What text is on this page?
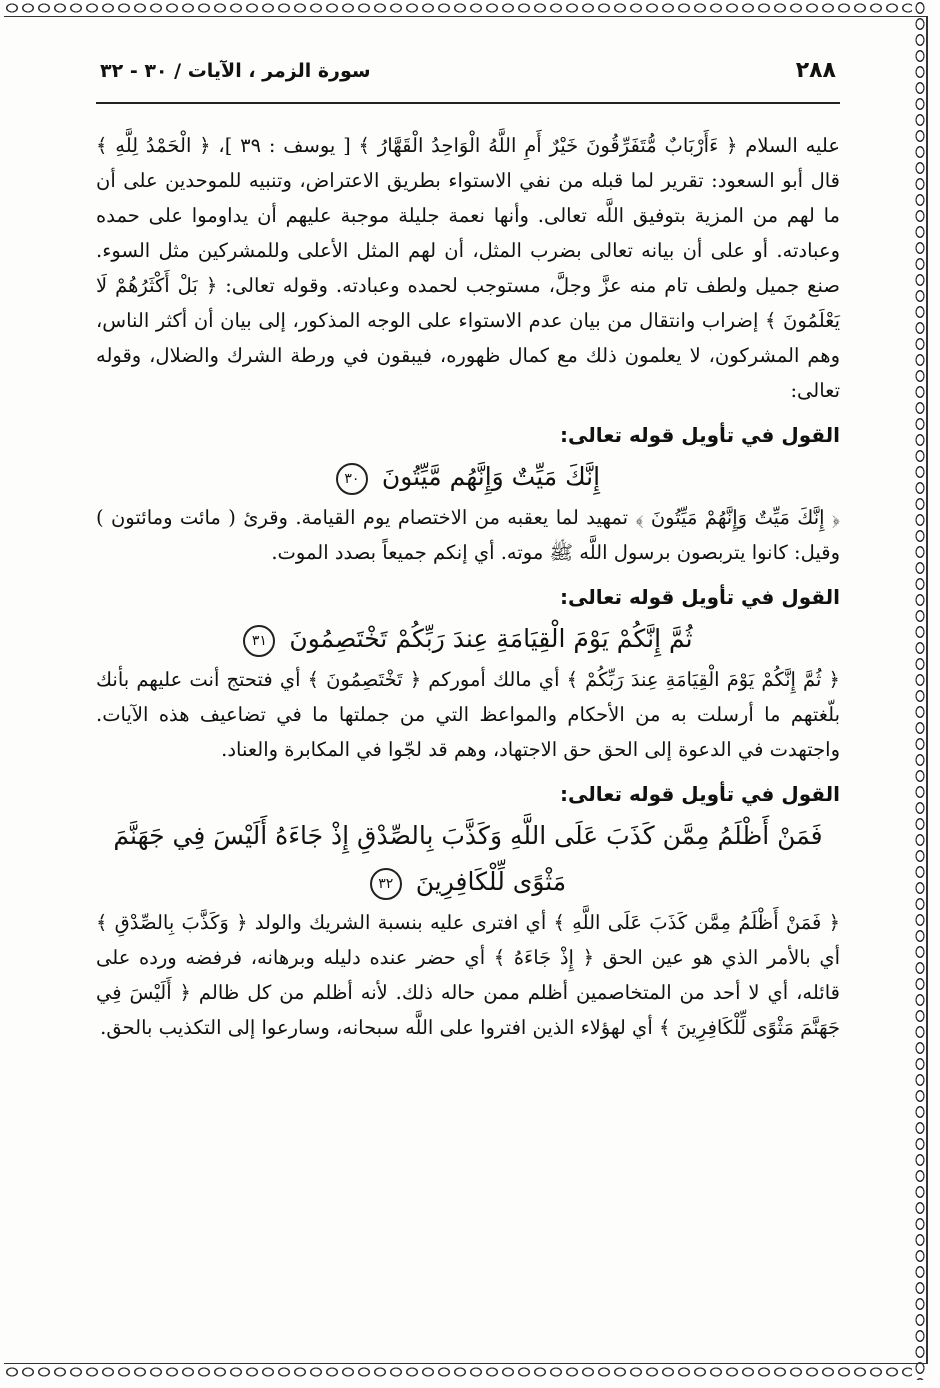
٢٨٨
سورة الزمر ، الآيات / ٣٠ - ٣٢

عليه السلام ﴿ ءَأَرْبَابٌ مُّتَفَرِّقُونَ خَيْرٌ أَمِ اللَّهُ الْوَاحِدُ الْقَهَّارُ ﴾ [ يوسف : ٣٩ ]، ﴿ الْحَمْدُ لِلَّهِ ﴾ قال أبو السعود: تقرير لما قبله من نفي الاستواء بطريق الاعتراض، وتنبيه للموحدين على أن ما لهم من المزية بتوفيق اللَّه تعالى. وأنها نعمة جليلة موجبة عليهم أن يداوموا على حمده وعبادته. أو على أن بيانه تعالى بضرب المثل، أن لهم المثل الأعلى وللمشركين مثل السوء. صنع جميل ولطف تام منه عزَّ وجلَّ، مستوجب لحمده وعبادته. وقوله تعالى: ﴿ بَلْ أَكْثَرُهُمْ لَا يَعْلَمُونَ ﴾ إضراب وانتقال من بيان عدم الاستواء على الوجه المذكور، إلى بيان أن أكثر الناس، وهم المشركون، لا يعلمون ذلك مع كمال ظهوره، فيبقون في ورطة الشرك والضلال، وقوله تعالى:

القول في تأويل قوله تعالى:

إِنَّكَ مَيِّتٌ وَإِنَّهُم مَّيِّتُونَ ٣٠

﴿ إِنَّكَ مَيِّتٌ وَإِنَّهُمْ مَيِّتُونَ ﴾ تمهيد لما يعقبه من الاختصام يوم القيامة. وقرئ ( مائت ومائتون ) وقيل: كانوا يتربصون برسول اللَّه ﷺ موته. أي إنكم جميعاً بصدد الموت.

القول في تأويل قوله تعالى:

ثُمَّ إِنَّكُمْ يَوْمَ الْقِيَامَةِ عِندَ رَبِّكُمْ تَخْتَصِمُونَ ٣١

﴿ ثُمَّ إِنَّكُمْ يَوْمَ الْقِيَامَةِ عِندَ رَبِّكُمْ ﴾ أي مالك أموركم ﴿ تَخْتَصِمُونَ ﴾ أي فتحتج أنت عليهم بأنك بلّغتهم ما أرسلت به من الأحكام والمواعظ التي من جملتها ما في تضاعيف هذه الآيات. واجتهدت في الدعوة إلى الحق حق الاجتهاد، وهم قد لجّوا في المكابرة والعناد.

القول في تأويل قوله تعالى:

فَمَنْ أَظْلَمُ مِمَّن كَذَبَ عَلَى اللَّهِ وَكَذَّبَ بِالصِّدْقِ إِذْ جَاءَهُ أَلَيْسَ فِي جَهَنَّمَ

مَثْوًى لِّلْكَافِرِينَ ٣٢

﴿ فَمَنْ أَظْلَمُ مِمَّن كَذَبَ عَلَى اللَّهِ ﴾ أي افترى عليه بنسبة الشريك والولد ﴿ وَكَذَّبَ بِالصِّدْقِ ﴾ أي بالأمر الذي هو عين الحق ﴿ إِذْ جَاءَهُ ﴾ أي حضر عنده دليله وبرهانه، فرفضه ورده على قائله، أي لا أحد من المتخاصمين أظلم ممن حاله ذلك. لأنه أظلم من كل ظالم ﴿ أَلَيْسَ فِي جَهَنَّمَ مَثْوًى لِّلْكَافِرِينَ ﴾ أي لهؤلاء الذين افتروا على اللَّه سبحانه، وسارعوا إلى التكذيب بالحق.
